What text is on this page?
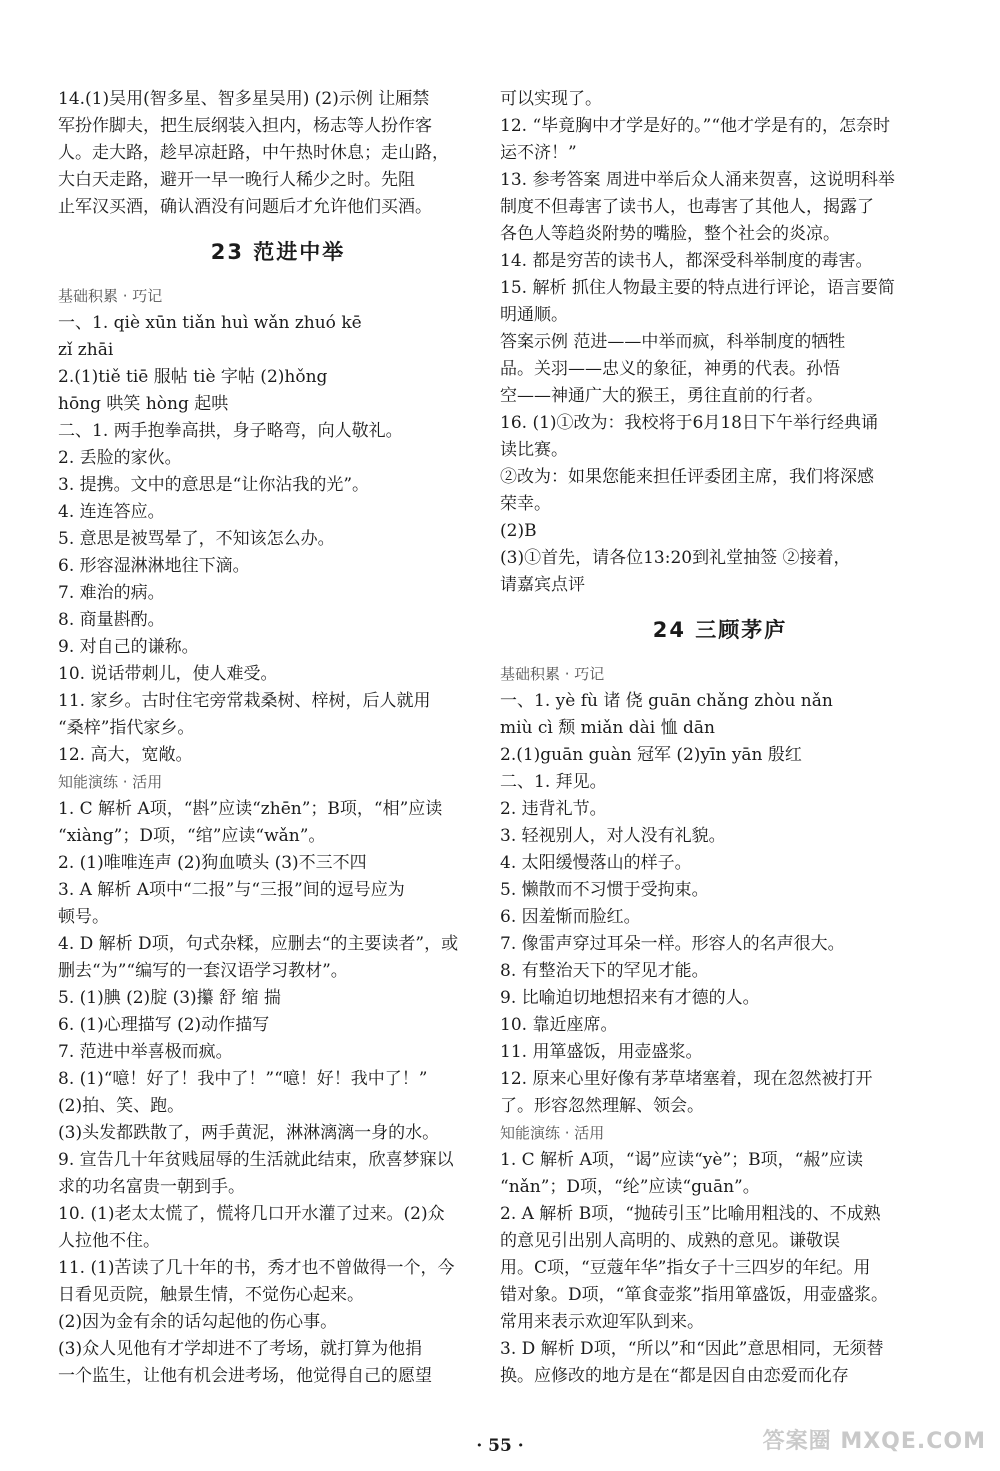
14.(1)吴用(智多星、智多星吴用) (2)示例 让厢禁
军扮作脚夫，把生辰纲装入担内，杨志等人扮作客
人。走大路，趁早凉赶路，中午热时休息；走山路，
大白天走路，避开一早一晚行人稀少之时。先阻
止军汉买酒，确认酒没有问题后才允许他们买酒。
23 范进中举
基础积累 · 巧记
一、1. qiè xūn tiǎn huì wǎn zhuó kē
zǐ zhāi
2.(1)tiě tiē 服帖 tiè 字帖 (2)hǒng
hōng 哄笑 hòng 起哄
二、1. 两手抱拳高拱，身子略弯，向人敬礼。
2. 丢脸的家伙。
3. 提携。文中的意思是“让你沾我的光”。
4. 连连答应。
5. 意思是被骂晕了，不知该怎么办。
6. 形容湿淋淋地往下滴。
7. 难治的病。
8. 商量斟酌。
9. 对自己的谦称。
10. 说话带刺儿，使人难受。
11. 家乡。古时住宅旁常栽桑树、梓树，后人就用
“桑梓”指代家乡。
12. 高大，宽敞。
知能演练 · 活用
1. C 解析 A项，“斟”应读“zhēn”；B项，“相”应读
“xiàng”；D项，“绾”应读“wǎn”。
2. (1)唯唯连声 (2)狗血喷头 (3)不三不四
3. A 解析 A项中“二报”与“三报”间的逗号应为
顿号。
4. D 解析 D项，句式杂糅，应删去“的主要读者”，或
删去“为”“编写的一套汉语学习教材”。
5. (1)腆 (2)腚 (3)攥 舒 缩 揣
6. (1)心理描写 (2)动作描写
7. 范进中举喜极而疯。
8. (1)“噫！好了！我中了！”“噫！好！我中了！”
(2)拍、笑、跑。
(3)头发都跌散了，两手黄泥，淋淋漓漓一身的水。
9. 宣告几十年贫贱屈辱的生活就此结束，欣喜梦寐以
求的功名富贵一朝到手。
10. (1)老太太慌了，慌将几口开水灌了过来。(2)众
人拉他不住。
11. (1)苦读了几十年的书，秀才也不曾做得一个，今
日看见贡院，触景生情，不觉伤心起来。
(2)因为金有余的话勾起他的伤心事。
(3)众人见他有才学却进不了考场，就打算为他捐
一个监生，让他有机会进考场，他觉得自己的愿望
可以实现了。
12. “毕竟胸中才学是好的。”“他才学是有的，怎奈时
运不济！”
13. 参考答案 周进中举后众人涌来贺喜，这说明科举
制度不但毒害了读书人，也毒害了其他人，揭露了
各色人等趋炎附势的嘴脸，整个社会的炎凉。
14. 都是穷苦的读书人，都深受科举制度的毒害。
15. 解析 抓住人物最主要的特点进行评论，语言要简
明通顺。
答案示例 范进——中举而疯，科举制度的牺牲
品。关羽——忠义的象征，神勇的代表。孙悟
空——神通广大的猴王，勇往直前的行者。
16. (1)①改为：我校将于6月18日下午举行经典诵
读比赛。
②改为：如果您能来担任评委团主席，我们将深感
荣幸。
(2)B
(3)①首先，请各位13:20到礼堂抽签 ②接着，
请嘉宾点评
24 三顾茅庐
基础积累 · 巧记
一、1. yè fù 诸 侥 guān chǎng zhòu nǎn
miù cì 颓 miǎn dài 恤 dān
2.(1)guān guàn 冠军 (2)yīn yān 殷红
二、1. 拜见。
2. 违背礼节。
3. 轻视别人，对人没有礼貌。
4. 太阳缓慢落山的样子。
5. 懒散而不习惯于受拘束。
6. 因羞惭而脸红。
7. 像雷声穿过耳朵一样。形容人的名声很大。
8. 有整治天下的罕见才能。
9. 比喻迫切地想招来有才德的人。
10. 靠近座席。
11. 用箪盛饭，用壶盛浆。
12. 原来心里好像有茅草堵塞着，现在忽然被打开
了。形容忽然理解、领会。
知能演练 · 活用
1. C 解析 A项，“谒”应读“yè”；B项，“赧”应读
“nǎn”；D项，“纶”应读“guān”。
2. A 解析 B项，“抛砖引玉”比喻用粗浅的、不成熟
的意见引出别人高明的、成熟的意见。谦敬误
用。C项，“豆蔻年华”指女子十三四岁的年纪。用
错对象。D项，“箪食壶浆”指用箪盛饭，用壶盛浆。
常用来表示欢迎军队到来。
3. D 解析 D项，“所以”和“因此”意思相同，无须替
换。应修改的地方是在“都是因自由恋爱而化存
· 55 ·	答案圈 MXQE.COM
